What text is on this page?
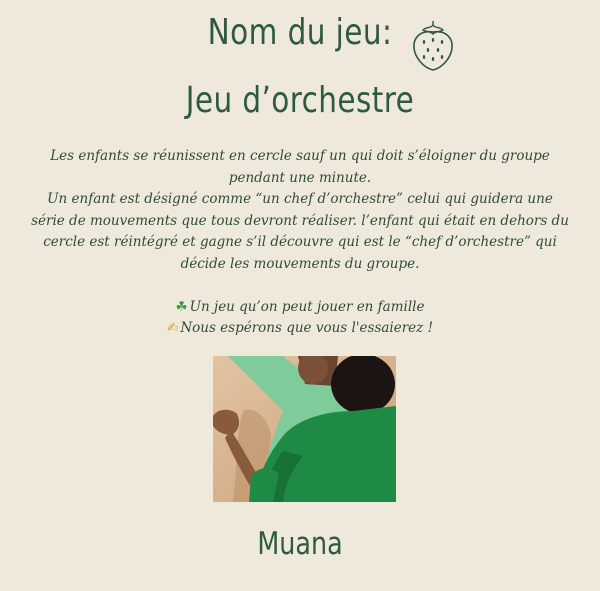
Nom du jeu:
Jeu d’orchestre

Les enfants se réunissent en cercle sauf un qui doit s’éloigner du groupe pendant une minute.

Un enfant est désigné comme “un chef d’orchestre” celui qui guidera une série de mouvements que tous devront réaliser. l’enfant qui était en dehors du cercle est réintégré et gagne s’il découvre qui est le “chef d’orchestre” qui décide les mouvements du groupe.

☘ Un jeu qu’on peut jouer en famille
✍ Nous espérons que vous l'essaierez !
Muana
